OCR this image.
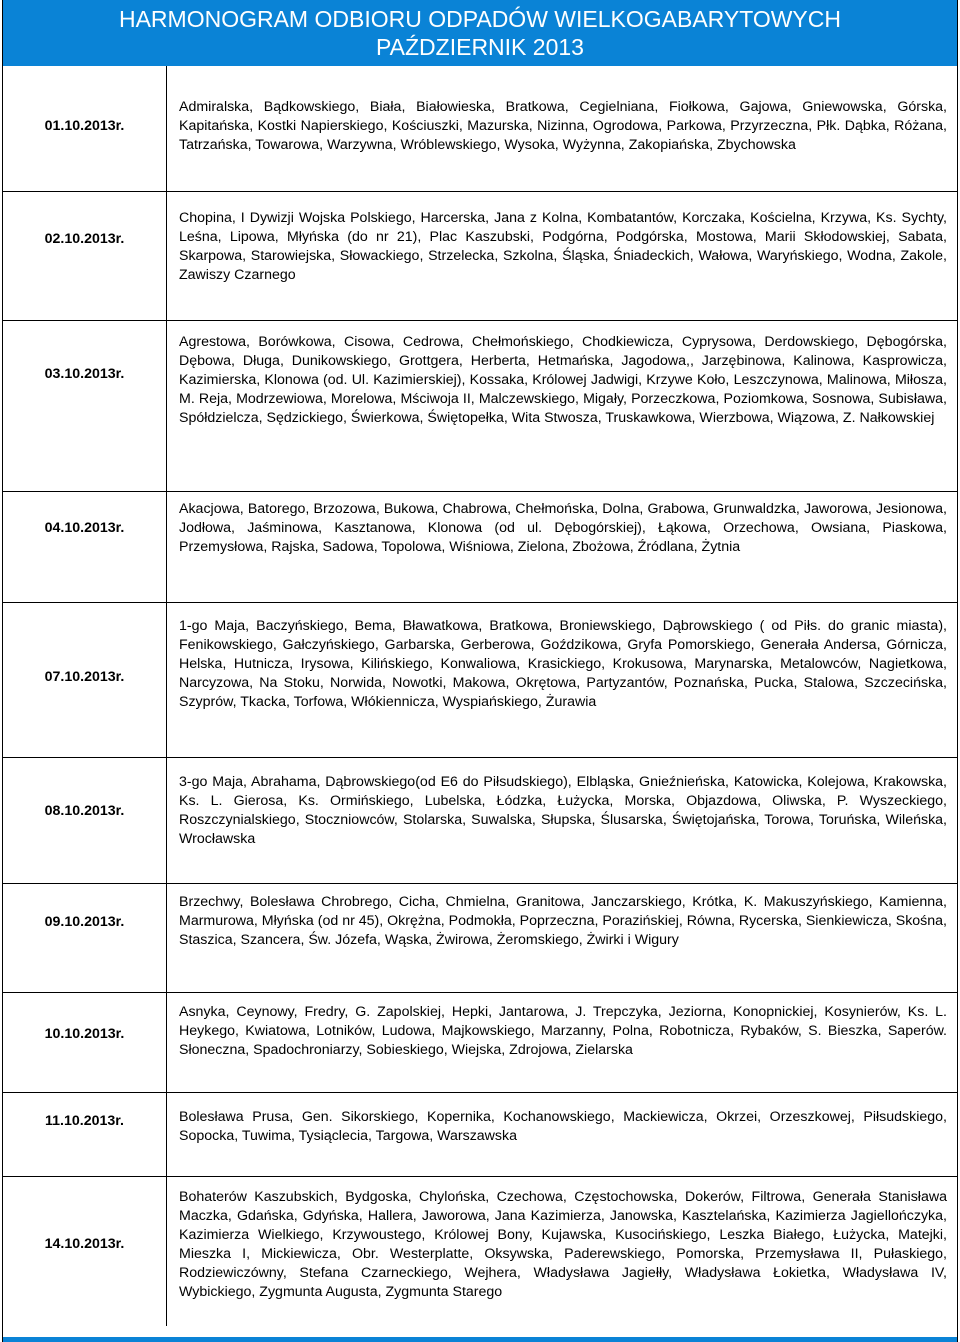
HARMONOGRAM ODBIORU ODPADÓW WIELKOGABARYTOWYCH
PAŹDZIERNIK 2013
01.10.2013r.	Admiralska, Bądkowskiego, Biała, Białowieska, Bratkowa, Cegielniana, Fiołkowa, Gajowa, Gniewowska, Górska, Kapitańska, Kostki Napierskiego, Kościuszki, Mazurska, Nizinna, Ogrodowa, Parkowa, Przyrzeczna, Płk. Dąbka, Różana, Tatrzańska, Towarowa, Warzywna, Wróblewskiego, Wysoka, Wyżynna, Zakopiańska, Zbychowska

02.10.2013r.	Chopina, I Dywizji Wojska Polskiego, Harcerska, Jana z Kolna, Kombatantów, Korczaka, Kościelna, Krzywa, Ks. Sychty, Leśna, Lipowa, Młyńska (do nr 21), Plac Kaszubski, Podgórna, Podgórska, Mostowa, Marii Skłodowskiej, Sabata, Skarpowa, Starowiejska, Słowackiego, Strzelecka, Szkolna, Śląska, Śniadeckich, Wałowa, Waryńskiego, Wodna, Zakole, Zawiszy Czarnego

03.10.2013r.	Agrestowa, Borówkowa, Cisowa, Cedrowa, Chełmońskiego, Chodkiewicza, Cyprysowa, Derdowskiego, Dębogórska, Dębowa, Długa, Dunikowskiego, Grottgera, Herberta, Hetmańska, Jagodowa,, Jarzębinowa, Kalinowa, Kasprowicza, Kazimierska, Klonowa (od. Ul. Kazimierskiej), Kossaka, Królowej Jadwigi, Krzywe Koło, Leszczynowa, Malinowa, Miłosza, M. Reja, Modrzewiowa, Morelowa, Mściwoja II, Malczewskiego, Migały, Porzeczkowa, Poziomkowa, Sosnowa, Subisława, Spółdzielcza, Sędzickiego, Świerkowa, Świętopełka, Wita Stwosza, Truskawkowa, Wierzbowa, Wiązowa, Z. Nałkowskiej

04.10.2013r.	Akacjowa, Batorego, Brzozowa, Bukowa, Chabrowa, Chełmońska, Dolna, Grabowa, Grunwaldzka, Jaworowa, Jesionowa, Jodłowa, Jaśminowa, Kasztanowa, Klonowa (od ul. Dębogórskiej), Łąkowa, Orzechowa, Owsiana, Piaskowa, Przemysłowa, Rajska, Sadowa, Topolowa, Wiśniowa, Zielona, Zbożowa, Źródlana, Żytnia

07.10.2013r.	1-go Maja, Baczyńskiego, Bema, Bławatkowa, Bratkowa, Broniewskiego, Dąbrowskiego ( od Piłs. do granic miasta), Fenikowskiego, Gałczyńskiego, Garbarska, Gerberowa, Goździkowa, Gryfa Pomorskiego, Generała Andersa, Górnicza, Helska, Hutnicza, Irysowa, Kilińskiego, Konwaliowa, Krasickiego, Krokusowa, Marynarska, Metalowców, Nagietkowa, Narcyzowa, Na Stoku, Norwida, Nowotki, Makowa, Okrętowa, Partyzantów, Poznańska, Pucka, Stalowa, Szczecińska, Szyprów, Tkacka, Torfowa, Włókienniczа, Wyspiańskiego, Żurawia

08.10.2013r.	3-go Maja, Abrahama, Dąbrowskiego(od E6 do Piłsudskiego), Elbląska, Gnieźnieńska, Katowicka, Kolejowa, Krakowska, Ks. L. Gierosa, Ks. Ormińskiego, Lubelska, Łódzka, Łużycka, Morska, Objazdowa, Oliwska, P. Wyszeckiego, Roszczynialskiego, Stoczniowców, Stolarska, Suwalska, Słupska, Ślusarska, Świętojańska, Torowa, Toruńska, Wileńska, Wrocławska

09.10.2013r.	Brzechwy, Bolesława Chrobrego, Cicha, Chmielna, Granitowa, Janczarskiego, Krótka, K. Makuszyńskiego, Kamienna, Marmurowa, Młyńska (od nr 45), Okrężna, Podmokła, Poprzeczna, Porazińskiej, Równa, Rycerska, Sienkiewicza, Skośna, Staszica, Szancera, Św. Józefa, Wąska, Żwirowa, Żeromskiego, Żwirki i Wigury

10.10.2013r.	Asnyka, Ceynowy, Fredry, G. Zapolskiej, Hepki, Jantarowa, J. Trepczyka, Jeziorna, Konopnickiej, Kosynierów, Ks. L. Heykego, Kwiatowa, Lotników, Ludowa, Majkowskiego, Marzanny, Polna, Robotnicza, Rybaków, S. Bieszka, Saperów. Słoneczna, Spadochroniarzy, Sobieskiego, Wiejska, Zdrojowa, Zielarska

11.10.2013r.	Bolesława Prusa, Gen. Sikorskiego, Kopernika, Kochanowskiego, Mackiewicza, Okrzei, Orzeszkowej, Piłsudskiego, Sopocka, Tuwima, Tysiąclecia, Targowa, Warszawska

14.10.2013r.	Bohaterów Kaszubskich, Bydgoska, Chylońska, Czechowa, Częstochowska, Dokerów, Filtrowa, Generała Stanisława Maczka, Gdańska, Gdyńska, Hallera, Jaworowa, Jana Kazimierza, Janowska, Kasztelańska, Kazimierza Jagiellończyka, Kazimierza Wielkiego, Krzywoustego, Królowej Bony, Kujawska, Kusocińskiego, Leszka Białego, Łużycka, Matejki, Mieszka I, Mickiewicza, Obr. Westerplatte, Oksywska, Paderewskiego, Pomorska, Przemysława II, Pułaskiego, Rodziewiczówny, Stefana Czarneckiego, Wejhera, Władysława Jagiełły, Władysława Łokietka, Władysława IV, Wybickiego, Zygmunta Augusta, Zygmunta Starego
